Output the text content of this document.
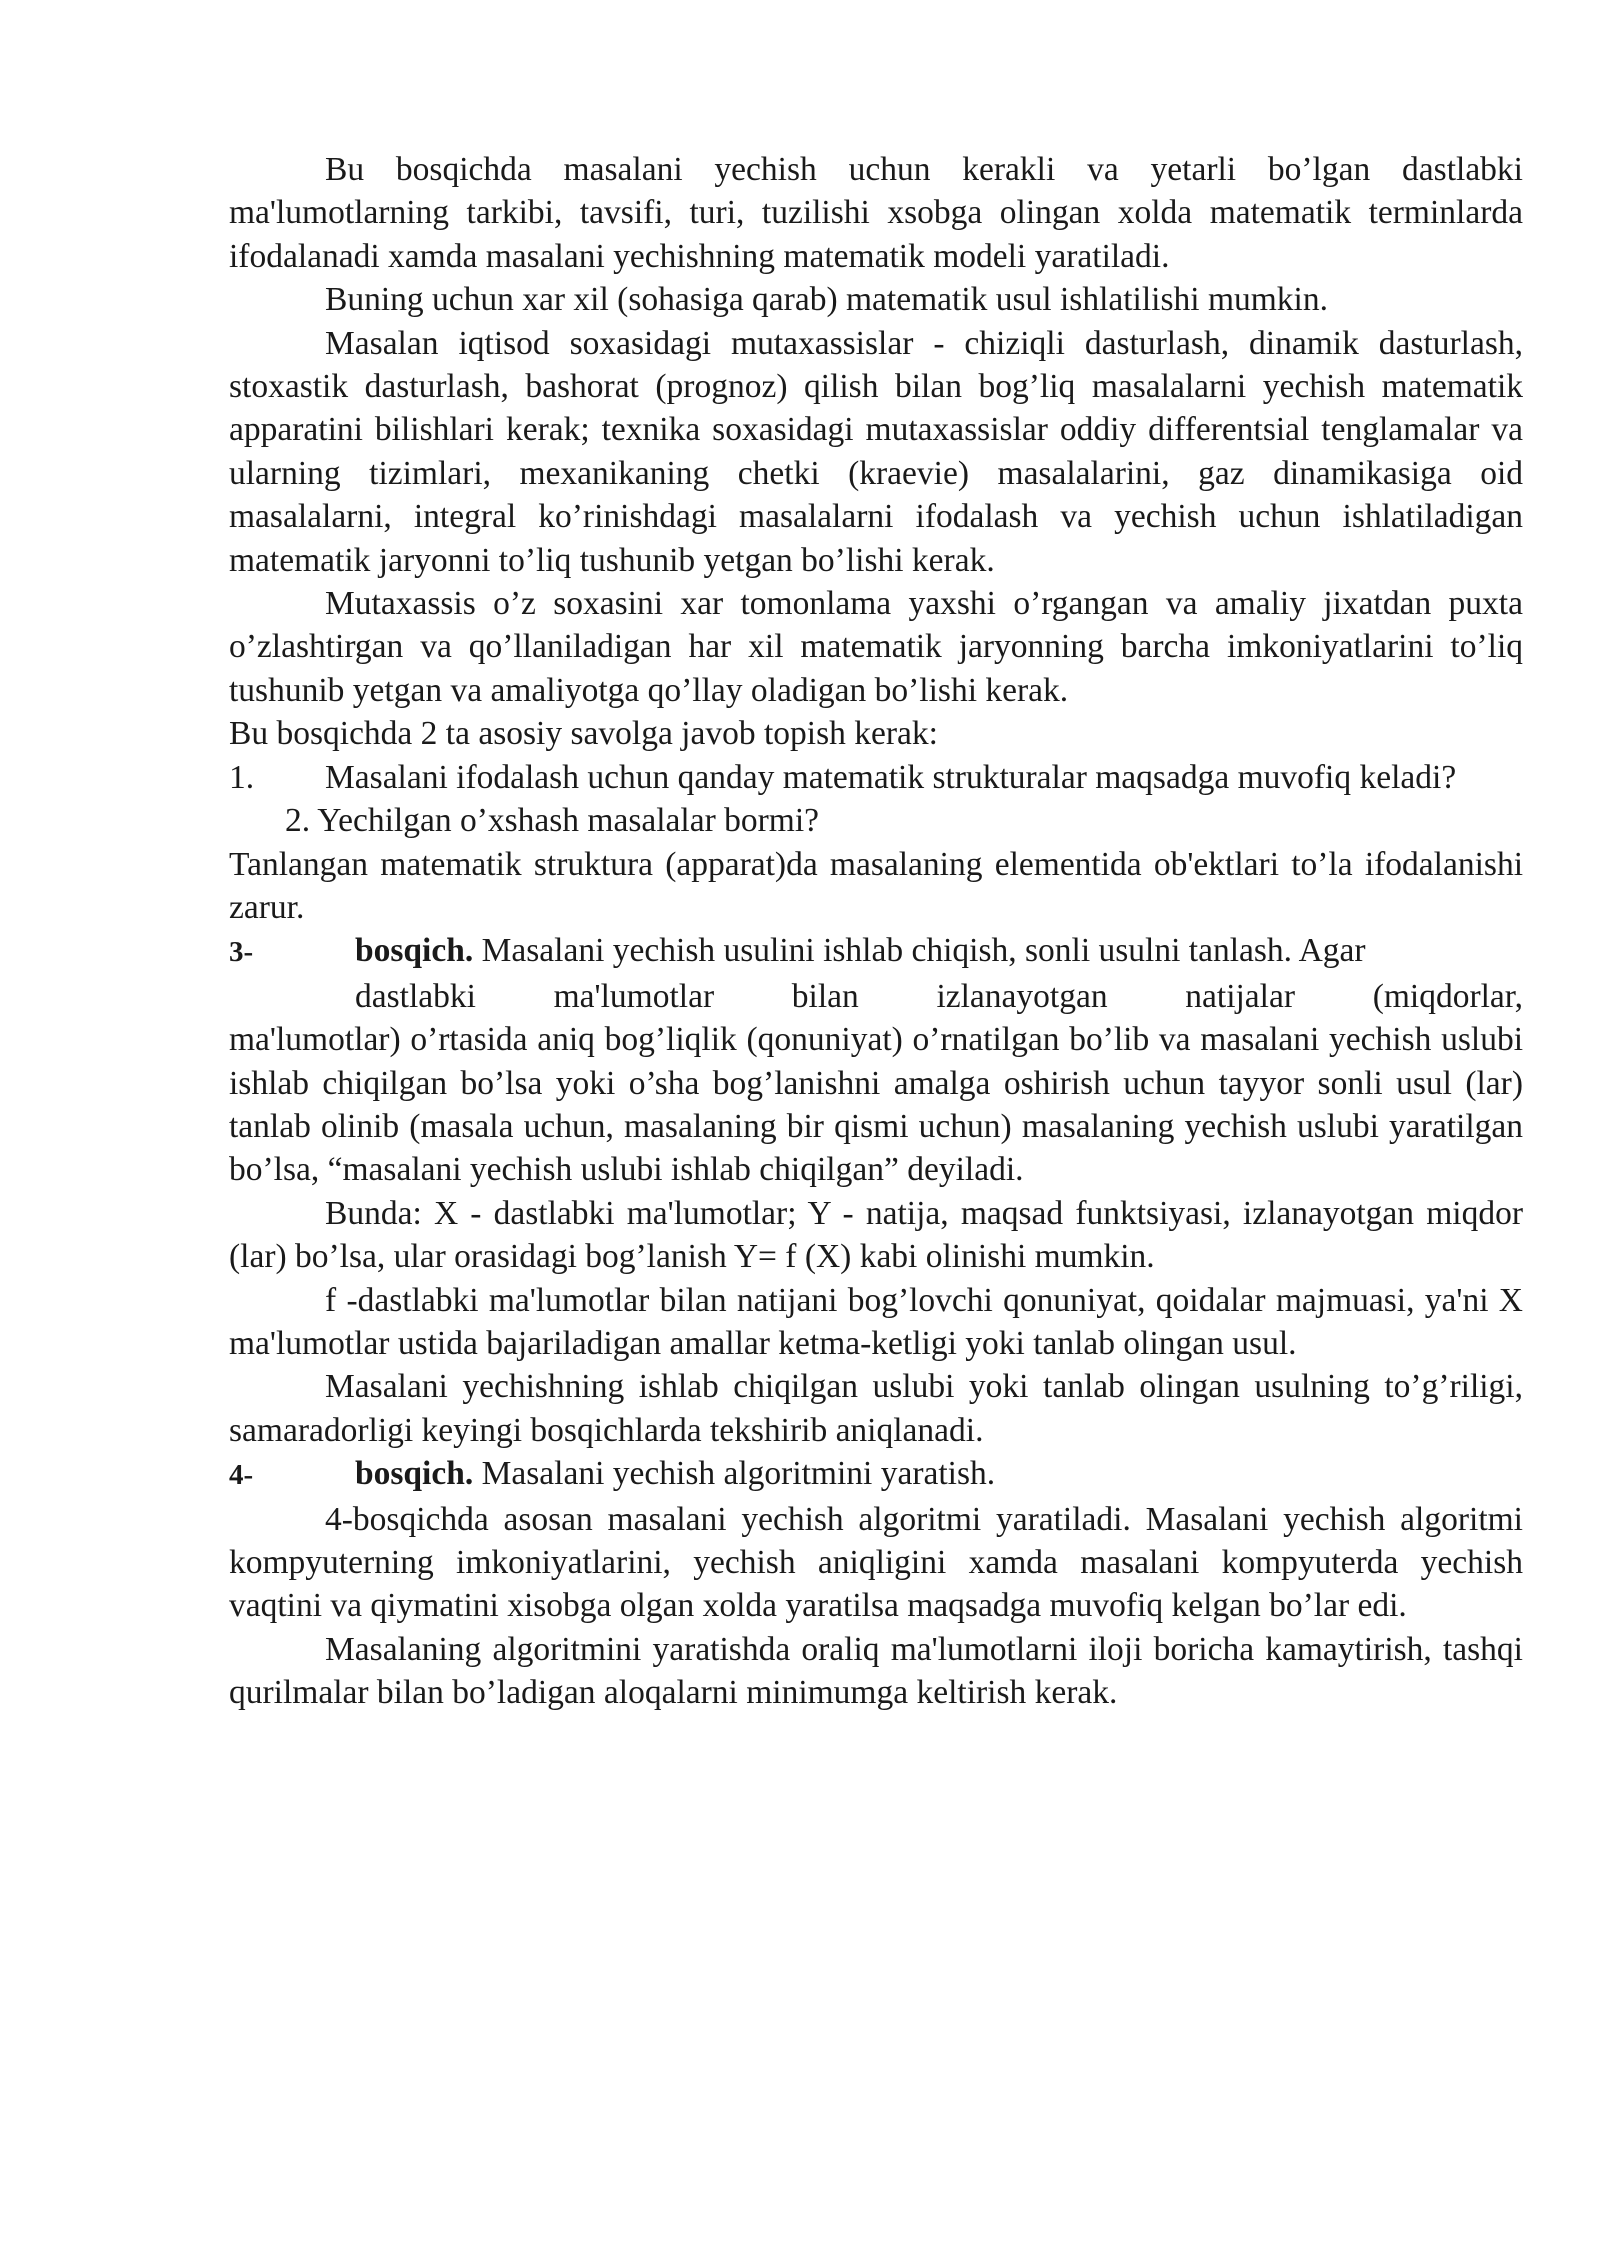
Bu bosqichda masalani yechish uchun kerakli va yetarli bo’lgan dastlabki ma'lumotlarning tarkibi, tavsifi, turi, tuzilishi xsobga olingan xolda matematik terminlarda ifodalanadi xamda masalani yechishning matematik modeli yaratiladi.

Buning uchun xar xil (sohasiga qarab) matematik usul ishlatilishi mumkin.

Masalan iqtisod soxasidagi mutaxassislar - chiziqli dasturlash, dinamik dasturlash, stoxastik dasturlash, bashorat (prognoz) qilish bilan bog’liq masalalarni yechish matematik apparatini bilishlari kerak; texnika soxasidagi mutaxassislar oddiy differentsial tenglamalar va ularning tizimlari, mexanikaning chetki (kraevie) masalalarini, gaz dinamikasiga oid masalalarni, integral ko’rinishdagi masalalarni ifodalash va yechish uchun ishlatiladigan matematik jaryonni to’liq tushunib yetgan bo’lishi kerak.

Mutaxassis o’z soxasini xar tomonlama yaxshi o’rgangan va amaliy jixatdan puxta o’zlashtirgan va qo’llaniladigan har xil matematik jaryonning barcha imkoniyatlarini to’liq tushunib yetgan va amaliyotga qo’llay oladigan bo’lishi kerak.

Bu bosqichda 2 ta asosiy savolga javob topish kerak:

1. Masalani ifodalash uchun qanday matematik strukturalar maqsadga muvofiq keladi?

2. Yechilgan o’xshash masalalar bormi?

Tanlangan matematik struktura (apparat)da masalaning elementida ob'ektlari to’la ifodalanishi zarur.

3-	bosqich. Masalani yechish usulini ishlab chiqish, sonli usulni tanlash. Agar
dastlabki ma'lumotlar bilan izlanayotgan natijalar (miqdorlar,

ma'lumotlar) o’rtasida aniq bog’liqlik (qonuniyat) o’rnatilgan bo’lib va masalani yechish uslubi ishlab chiqilgan bo’lsa yoki o’sha bog’lanishni amalga oshirish uchun tayyor sonli usul (lar) tanlab olinib (masala uchun, masalaning bir qismi uchun) masalaning yechish uslubi yaratilgan bo’lsa, “masalani yechish uslubi ishlab chiqilgan” deyiladi.

Bunda: X - dastlabki ma'lumotlar; Y - natija, maqsad funktsiyasi, izlanayotgan miqdor (lar) bo’lsa, ular orasidagi bog’lanish Y= f (X) kabi olinishi mumkin.

f -dastlabki ma'lumotlar bilan natijani bog’lovchi qonuniyat, qoidalar majmuasi, ya'ni X ma'lumotlar ustida bajariladigan amallar ketma-ketligi yoki tanlab olingan usul.

Masalani yechishning ishlab chiqilgan uslubi yoki tanlab olingan usulning to’g’riligi, samaradorligi keyingi bosqichlarda tekshirib aniqlanadi.

4-	bosqich. Masalani yechish algoritmini yaratish.

4-bosqichda asosan masalani yechish algoritmi yaratiladi. Masalani yechish algoritmi kompyuterning imkoniyatlarini, yechish aniqligini xamda masalani kompyuterda yechish vaqtini va qiymatini xisobga olgan xolda yaratilsa maqsadga muvofiq kelgan bo’lar edi.

Masalaning algoritmini yaratishda oraliq ma'lumotlarni iloji boricha kamaytirish, tashqi qurilmalar bilan bo’ladigan aloqalarni minimumga keltirish kerak.
